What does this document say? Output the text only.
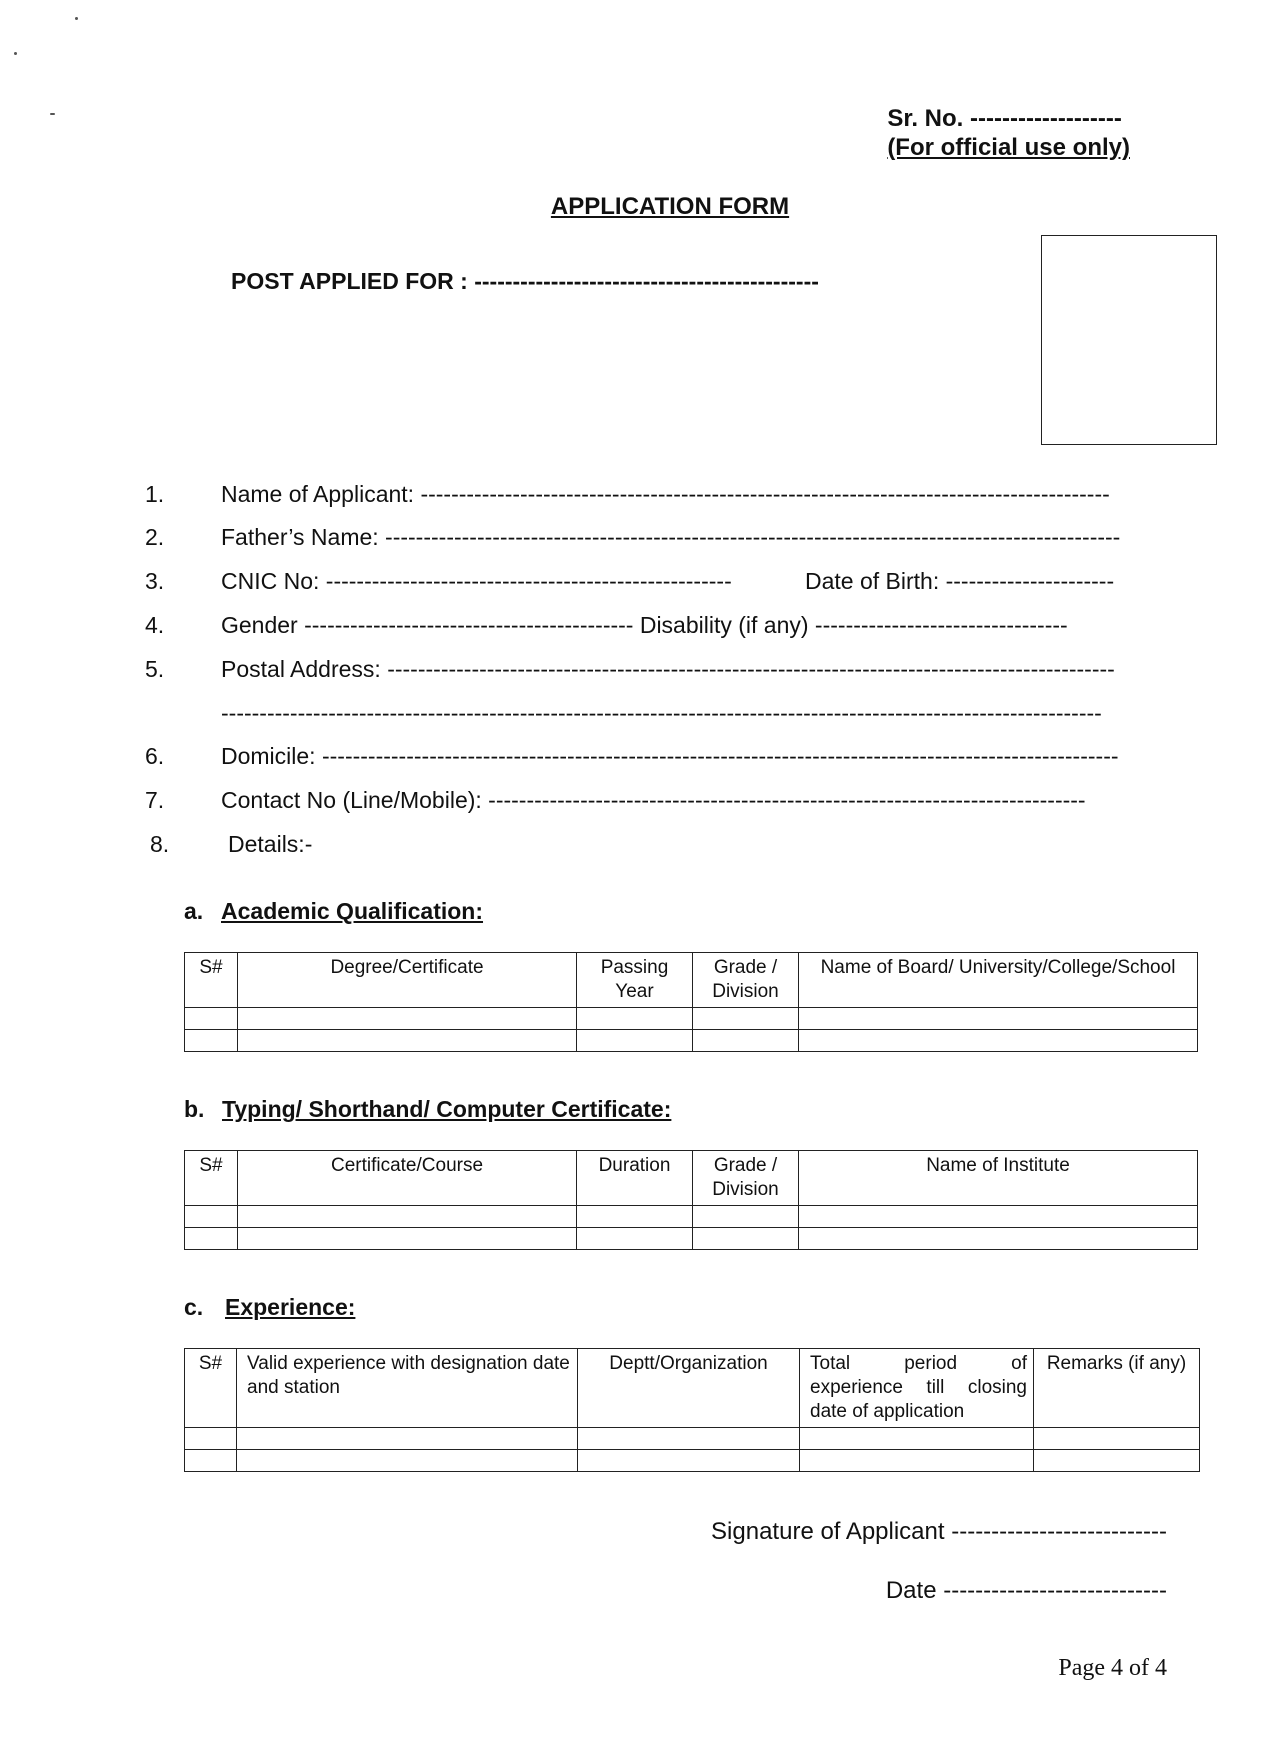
Sr. No. -------------------
(For official use only)
APPLICATION FORM
POST APPLIED FOR : ---------------------------------------------
1. Name of Applicant: ------------------------------------------------------------------------------------------
2. Father’s Name: ------------------------------------------------------------------------------------------------
3. CNIC No: -----------------------------------------------------	Date of Birth: ----------------------
4. Gender ------------------------------------------- Disability (if any) ---------------------------------
5. Postal Address: -----------------------------------------------------------------------------------------------
-------------------------------------------------------------------------------------------------------------------
6. Domicile: --------------------------------------------------------------------------------------------------------
7. Contact No (Line/Mobile): ------------------------------------------------------------------------------
8.	Details:-
a. Academic Qualification:
S#	Degree/Certificate	Passing Year	Grade / Division	Name of Board/ University/College/School

b. Typing/ Shorthand/ Computer Certificate:
S#	Certificate/Course	Duration	Grade / Division	Name of Institute

c. Experience:
S#	Valid experience with designation date and station	Deptt/Organization	Total period of experience till closing date of application	Remarks (if any)

Signature of Applicant ---------------------------
Date ----------------------------
Page 4 of 4
